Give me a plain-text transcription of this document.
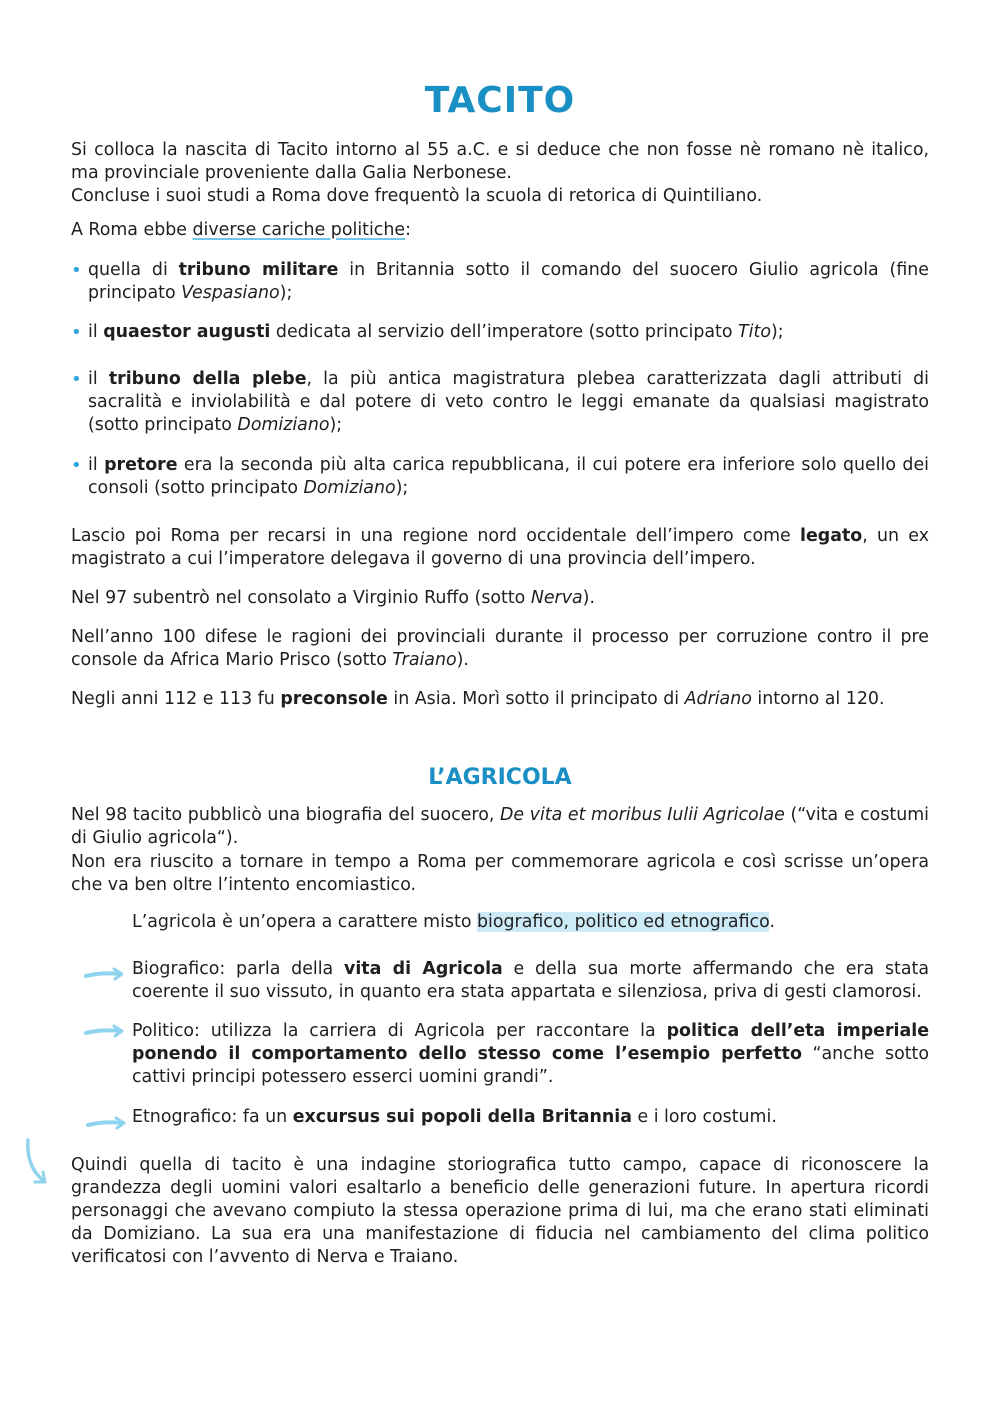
TACITO

Si colloca la nascita di Tacito intorno al 55 a.C. e si deduce che non fosse nè romano nè italico, ma provinciale proveniente dalla Galia Nerbonese.

Concluse i suoi studi a Roma dove frequentò la scuola di retorica di Quintiliano.

A Roma ebbe diverse cariche politiche:

• quella di tribuno militare in Britannia sotto il comando del suocero Giulio agricola (fine principato Vespasiano);
• il quaestor augusti dedicata al servizio dell’imperatore (sotto principato Tito);
• il tribuno della plebe, la più antica magistratura plebea caratterizzata dagli attributi di sacralità e inviolabilità e dal potere di veto contro le leggi emanate da qualsiasi magistrato (sotto principato Domiziano);
• il pretore era la seconda più alta carica repubblicana, il cui potere era inferiore solo quello dei consoli (sotto principato Domiziano);

Lascio poi Roma per recarsi in una regione nord occidentale dell’impero come legato, un ex magistrato a cui l’imperatore delegava il governo di una provincia dell’impero.

Nel 97 subentrò nel consolato a Virginio Ruffo (sotto Nerva).

Nell’anno 100 difese le ragioni dei provinciali durante il processo per corruzione contro il pre console da Africa Mario Prisco (sotto Traiano).

Negli anni 112 e 113 fu preconsole in Asia. Morì sotto il principato di Adriano intorno al 120.

L’AGRICOLA

Nel 98 tacito pubblicò una biografia del suocero, De vita et moribus Iulii Agricolae (“vita e costumi di Giulio agricola“).

Non era riuscito a tornare in tempo a Roma per commemorare agricola e così scrisse un’opera che va ben oltre l’intento encomiastico.

L’agricola è un’opera a carattere misto biografico, politico ed etnografico.

Biografico: parla della vita di Agricola e della sua morte affermando che era stata coerente il suo vissuto, in quanto era stata appartata e silenziosa, priva di gesti clamorosi.

Politico: utilizza la carriera di Agricola per raccontare la politica dell’eta imperiale ponendo il comportamento dello stesso come l’esempio perfetto “anche sotto cattivi principi potessero esserci uomini grandi”.

Etnografico: fa un excursus sui popoli della Britannia e i loro costumi.

Quindi quella di tacito è una indagine storiografica tutto campo, capace di riconoscere la grandezza degli uomini valori esaltarlo a beneficio delle generazioni future. In apertura ricordi personaggi che avevano compiuto la stessa operazione prima di lui, ma che erano stati eliminati da Domiziano. La sua era una manifestazione di fiducia nel cambiamento del clima politico verificatosi con l’avvento di Nerva e Traiano.
